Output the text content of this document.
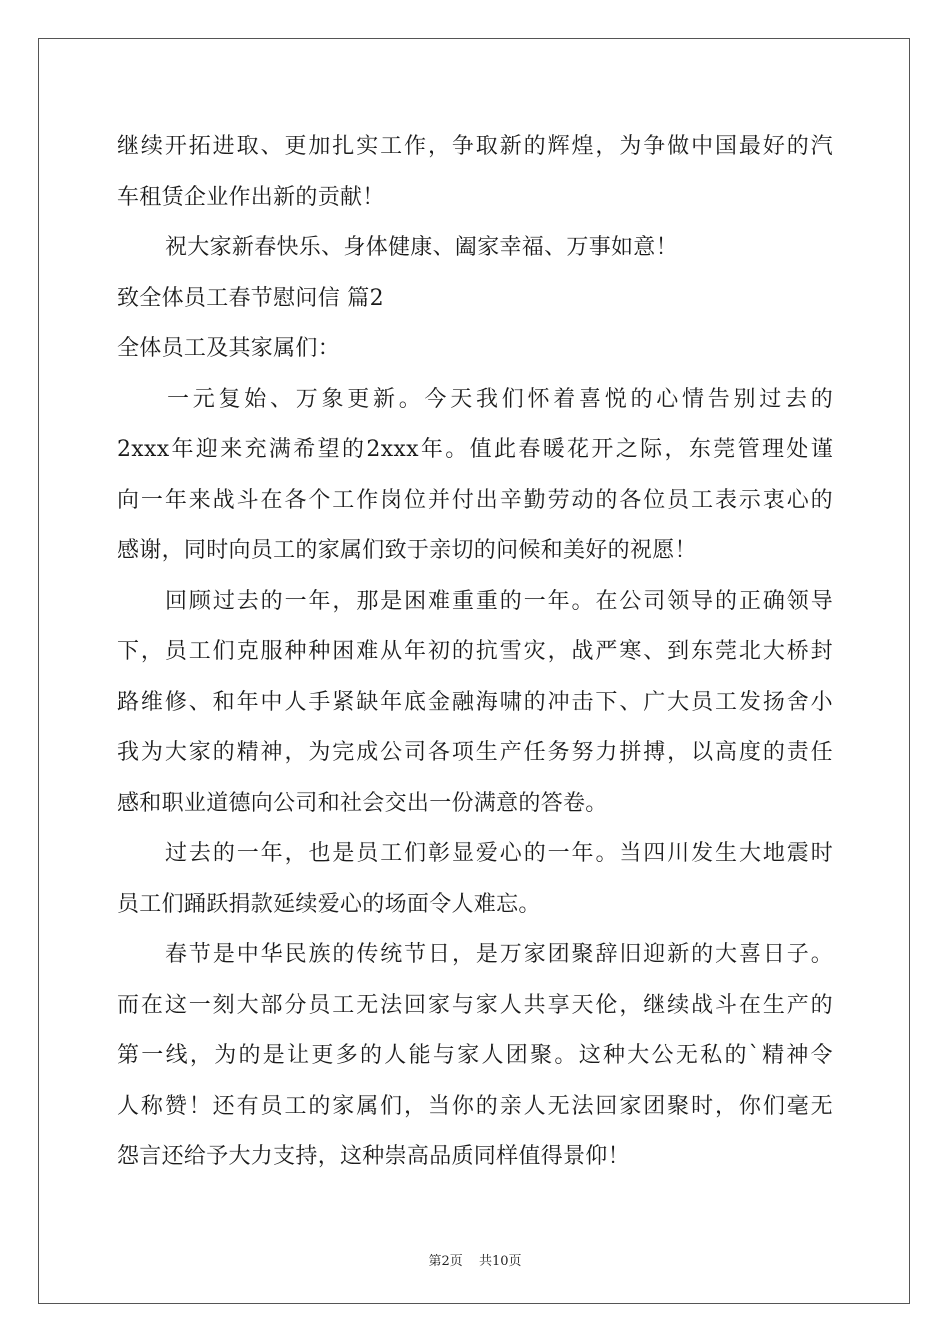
继续开拓进取、更加扎实工作，争取新的辉煌，为争做中国最好的汽
车租赁企业作出新的贡献！
祝大家新春快乐、身体健康、阖家幸福、万事如意！
致全体员工春节慰问信 篇2
全体员工及其家属们：
一元复始、万象更新。今天我们怀着喜悦的心情告别过去的
2xxx年迎来充满希望的2xxx年。值此春暖花开之际，东莞管理处谨
向一年来战斗在各个工作岗位并付出辛勤劳动的各位员工表示衷心的
感谢，同时向员工的家属们致于亲切的问候和美好的祝愿！
回顾过去的一年，那是困难重重的一年。在公司领导的正确领导
下，员工们克服种种困难从年初的抗雪灾，战严寒、到东莞北大桥封
路维修、和年中人手紧缺年底金融海啸的冲击下、广大员工发扬舍小
我为大家的精神，为完成公司各项生产任务努力拼搏，以高度的责任
感和职业道德向公司和社会交出一份满意的答卷。
过去的一年，也是员工们彰显爱心的一年。当四川发生大地震时
员工们踊跃捐款延续爱心的场面令人难忘。
春节是中华民族的传统节日，是万家团聚辞旧迎新的大喜日子。
而在这一刻大部分员工无法回家与家人共享天伦，继续战斗在生产的
第一线，为的是让更多的人能与家人团聚。这种大公无私的`精神令
人称赞！还有员工的家属们，当你的亲人无法回家团聚时，你们毫无
怨言还给予大力支持，这种崇高品质同样值得景仰！
第2页 共10页
